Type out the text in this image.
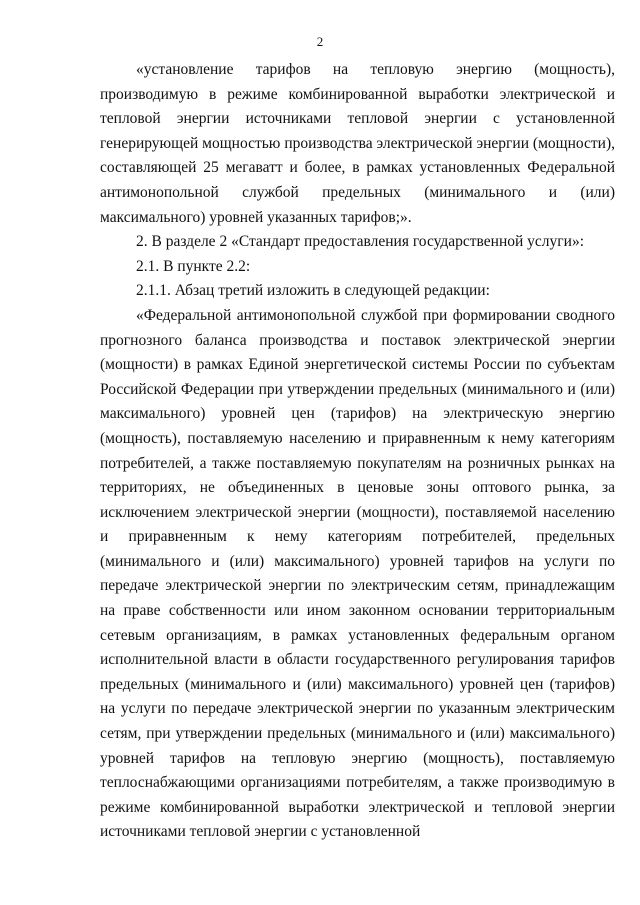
2

«установление тарифов на тепловую энергию (мощность), производимую в режиме комбинированной выработки электрической и тепловой энергии источниками тепловой энергии с установленной генерирующей мощностью производства электрической энергии (мощности), составляющей 25 мегаватт и более, в рамках установленных Федеральной антимонопольной службой предельных (минимального и (или) максимального) уровней указанных тарифов;».

2. В разделе 2 «Стандарт предоставления государственной услуги»:

2.1. В пункте 2.2:

2.1.1. Абзац третий изложить в следующей редакции:

«Федеральной антимонопольной службой при формировании сводного прогнозного баланса производства и поставок электрической энергии (мощности) в рамках Единой энергетической системы России по субъектам Российской Федерации при утверждении предельных (минимального и (или) максимального) уровней цен (тарифов) на электрическую энергию (мощность), поставляемую населению и приравненным к нему категориям потребителей, а также поставляемую покупателям на розничных рынках на территориях, не объединенных в ценовые зоны оптового рынка, за исключением электрической энергии (мощности), поставляемой населению и приравненным к нему категориям потребителей, предельных (минимального и (или) максимального) уровней тарифов на услуги по передаче электрической энергии по электрическим сетям, принадлежащим на праве собственности или ином законном основании территориальным сетевым организациям, в рамках установленных федеральным органом исполнительной власти в области государственного регулирования тарифов предельных (минимального и (или) максимального) уровней цен (тарифов) на услуги по передаче электрической энергии по указанным электрическим сетям, при утверждении предельных (минимального и (или) максимального) уровней тарифов на тепловую энергию (мощность), поставляемую теплоснабжающими организациями потребителям, а также производимую в режиме комбинированной выработки электрической и тепловой энергии источниками тепловой энергии с установленной
